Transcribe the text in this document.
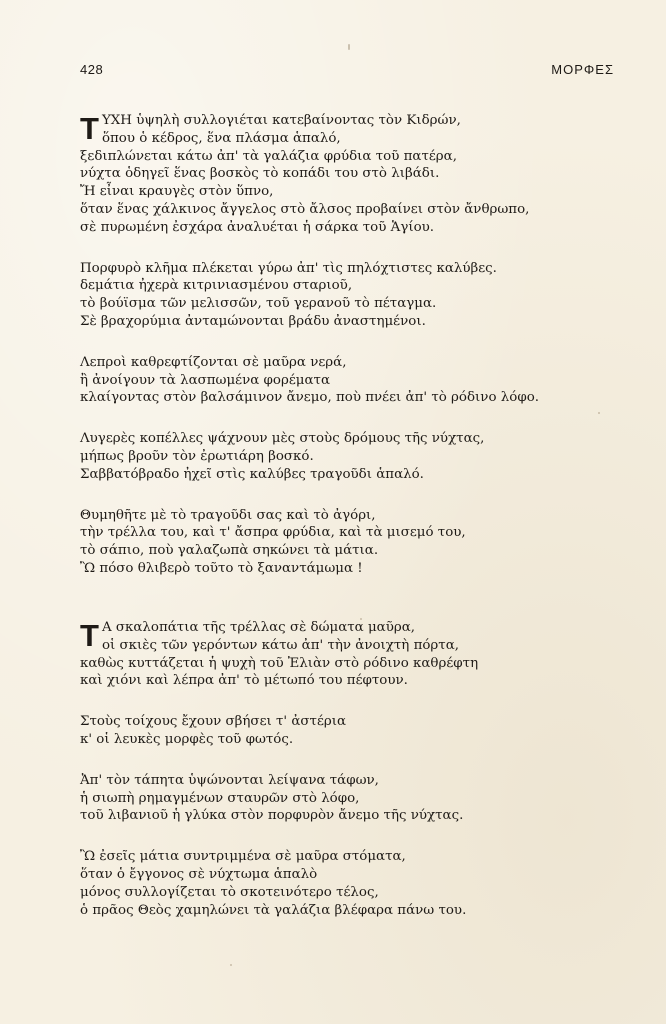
428	ΜΟΡΦΕΣ
ΤΥΧΗ ὑψηλὴ συλλογιέται κατεβαίνοντας τὸν Κιδρών,
ὅπου ὁ κέδρος, ἕνα πλάσμα ἁπαλό,
ξεδιπλώνεται κάτω ἀπ' τὰ γαλάζια φρύδια τοῦ πατέρα,
νύχτα ὁδηγεῖ ἕνας βοσκὸς τὸ κοπάδι του στὸ λιβάδι.
Ἤ εἶναι κραυγὲς στὸν ὕπνο,
ὅταν ἕνας χάλκινος ἄγγελος στὸ ἄλσος προβαίνει στὸν ἄνθρωπο,
σὲ πυρωμένη ἐσχάρα ἀναλυέται ἡ σάρκα τοῦ Ἁγίου.
Πορφυρὸ κλῆμα πλέκεται γύρω ἀπ' τὶς πηλόχτιστες καλύβες.
δεμάτια ἠχερὰ κιτρινιασμένου σταριοῦ,
τὸ βούϊσμα τῶν μελισσῶν, τοῦ γερανοῦ τὸ πέταγμα.
Σὲ βραχορύμια ἀνταμώνονται βράδυ ἀναστημένοι.
Λεπροὶ καθρεφτίζονται σὲ μαῦρα νερά,
ἢ ἀνοίγουν τὰ λασπωμένα φορέματα
κλαίγοντας στὸν βαλσάμινον ἄνεμο, ποὺ πνέει ἀπ' τὸ ρόδινο λόφο.
Λυγερὲς κοπέλλες ψάχνουν μὲς στοὺς δρόμους τῆς νύχτας,
μήπως βροῦν τὸν ἐρωτιάρη βοσκό.
Σαββατόβραδο ἠχεῖ στὶς καλύβες τραγοῦδι ἁπαλό.
Θυμηθῆτε μὲ τὸ τραγοῦδι σας καὶ τὸ ἀγόρι,
τὴν τρέλλα του, καὶ τ' ἄσπρα φρύδια, καὶ τὰ μισεμό του,
τὸ σάπιο, ποὺ γαλαζωπὰ σηκώνει τὰ μάτια.
Ὢ πόσο θλιβερὸ τοῦτο τὸ ξαναντάμωμα !
Τ Α σκαλοπάτια τῆς τρέλλας σὲ δώματα μαῦρα,
οἱ σκιὲς τῶν γερόντων κάτω ἀπ' τὴν ἀνοιχτὴ πόρτα,
καθὼς κυττάζεται ἡ ψυχὴ τοῦ Ἐλιὰν στὸ ρόδινο καθρέφτη
καὶ χιόνι καὶ λέπρα ἀπ' τὸ μέτωπό του πέφτουν.
Στοὺς τοίχους ἔχουν σβήσει τ' ἀστέρια
κ' οἱ λευκὲς μορφὲς τοῦ φωτός.
Ἀπ' τὸν τάπητα ὑψώνονται λείψανα τάφων,
ἡ σιωπὴ ρημαγμένων σταυρῶν στὸ λόφο,
τοῦ λιβανιοῦ ἡ γλύκα στὸν πορφυρὸν ἄνεμο τῆς νύχτας.
Ὢ ἐσεῖς μάτια συντριμμένα σὲ μαῦρα στόματα,
ὅταν ὁ ἔγγονος σὲ νύχτωμα ἁπαλὸ
μόνος συλλογίζεται τὸ σκοτεινότερο τέλος,
ὁ πρᾶος Θεὸς χαμηλώνει τὰ γαλάζια βλέφαρα πάνω του.
